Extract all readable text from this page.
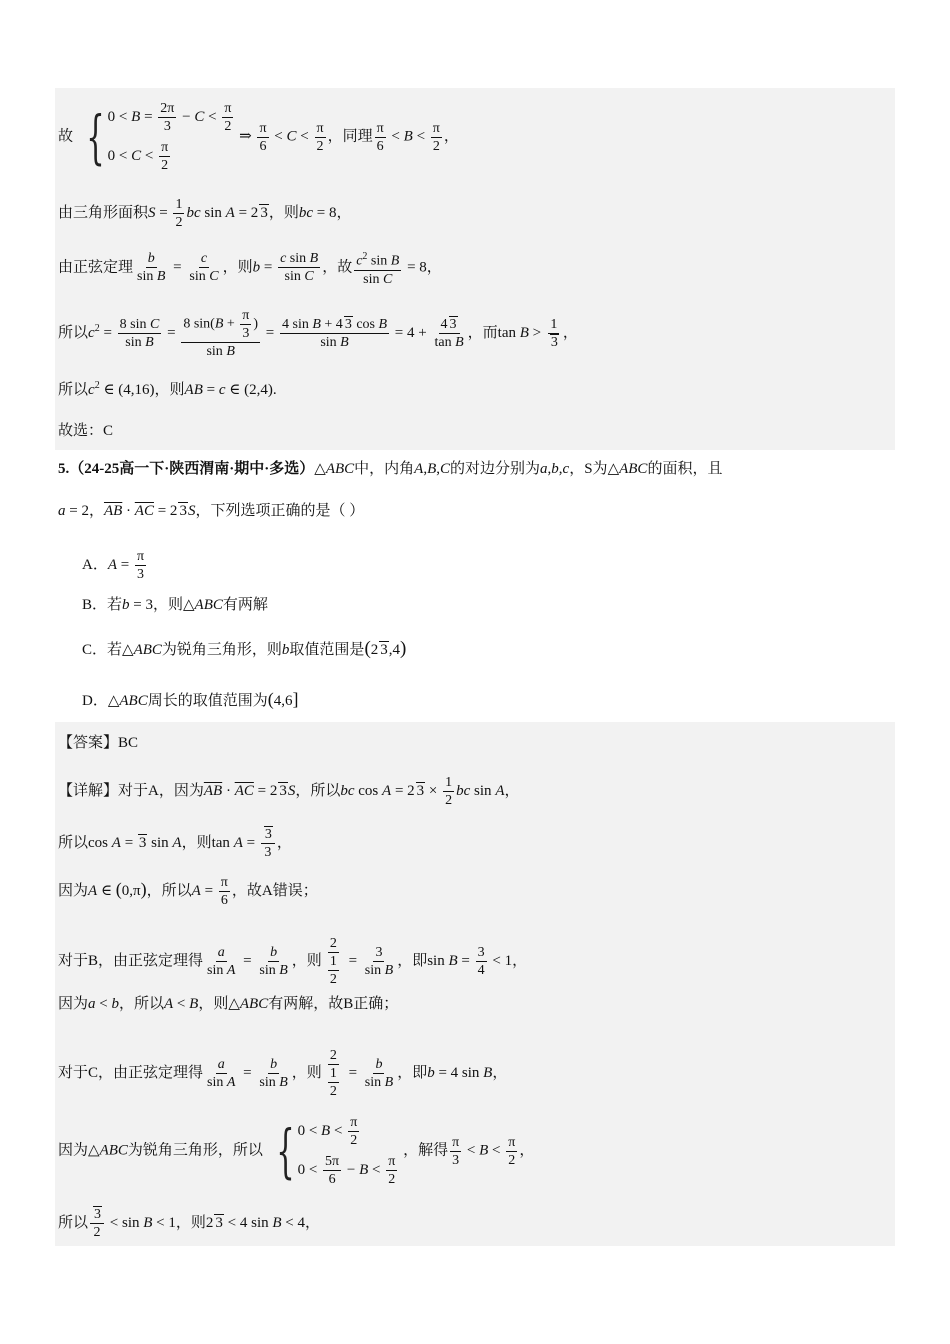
故 { $0 < B = \frac{2\pi}{3} - C < \frac{\pi}{2}$
$0 < C < \frac{\pi}{2}$
⇒ $\frac{\pi}{6} < C < \frac{\pi}{2}$ ，同理 $\frac{\pi}{6} < B < \frac{\pi}{2}$ ，
由三角形面积$S = \frac{1}{2}$ bc sin A = 2 3，则bc = 8，
由正弦定理 $\frac{b}{\text{sin B}} = \frac{c}{\text{sin C}}$ ，则$b = \frac{\text{c sin B}}{\text{sin C}}$ ，故 $\frac{c^2 \sin B}{\text{sin C}} = 8$，
所以$c^2 = \frac{\text{8 sin C}}{\text{sin B}} = \frac{8 \sin(B + \frac{\pi}{3} )}{\text{sin B}} = \frac{\text{4 sin B + 4 3 cos B}}{\text{sin B}} = 4 + \frac{4 3}{\text{tan B}}$ ，而$\tan B > \frac{1}{3}$ ，
所以$c^2$ ∈ (4,16)，则AB = c ∈ (2,4).
故选：C
5.（24-25高一下·陕西渭南·期中·多选）△ABC中，内角A,B,C的对边分别为a,b,c，S为△ABC的面积，且
a = 2，$\overline{AB} \cdot \overline{AC} = 2$ 3S，下列选项正确的是（ ）
A．$A = \frac{\pi}{3}$
B．若b = 3，则△ABC有两解
C．若△ABC为锐角三角形，则b取值范围是(2 3,4)
D．△ABC周长的取值范围为(4,6]
【答案】BC
【详解】对于A，因为$\overline{AB} \cdot \overline{AC} = 2$ 3S，所以bc cos A = 2 $3 \times \frac{1}{2}$ bc sin A，
所以cos A = 3 sin A，则$\tan A = \frac{3}{3}$ ，
因为A ∈ (0,π)，所以$A = \frac{\pi}{6}$ ，故A错误；
对于B，由正弦定理得 $\frac{a}{\text{sin A}} = \frac{b}{\text{sin B}}$ ，则 $\frac{2}{\frac{1}{2}} = \frac{3}{\text{sin B}}$ ，即$\sin B = \frac{3}{4} < 1$，
因为a < b，所以A < B，则△ABC有两解，故B正确；
对于C，由正弦定理得 $\frac{a}{\text{sin A}} = \frac{b}{\text{sin B}}$ ，则 $\frac{2}{\frac{1}{2}} = \frac{b}{\text{sin B}}$ ，即b = 4 sin B，
因为△ABC为锐角三角形，所以 { $0 < B < \frac{\pi}{2}$
$0 < \frac{5\pi}{6} - B < \frac{\pi}{2}$
，解得 $\frac{\pi}{3} < B < \frac{\pi}{2}$ ，
所以 $\frac{3}{2} < \sin B < 1$，则2 3 < 4 sin B < 4，
